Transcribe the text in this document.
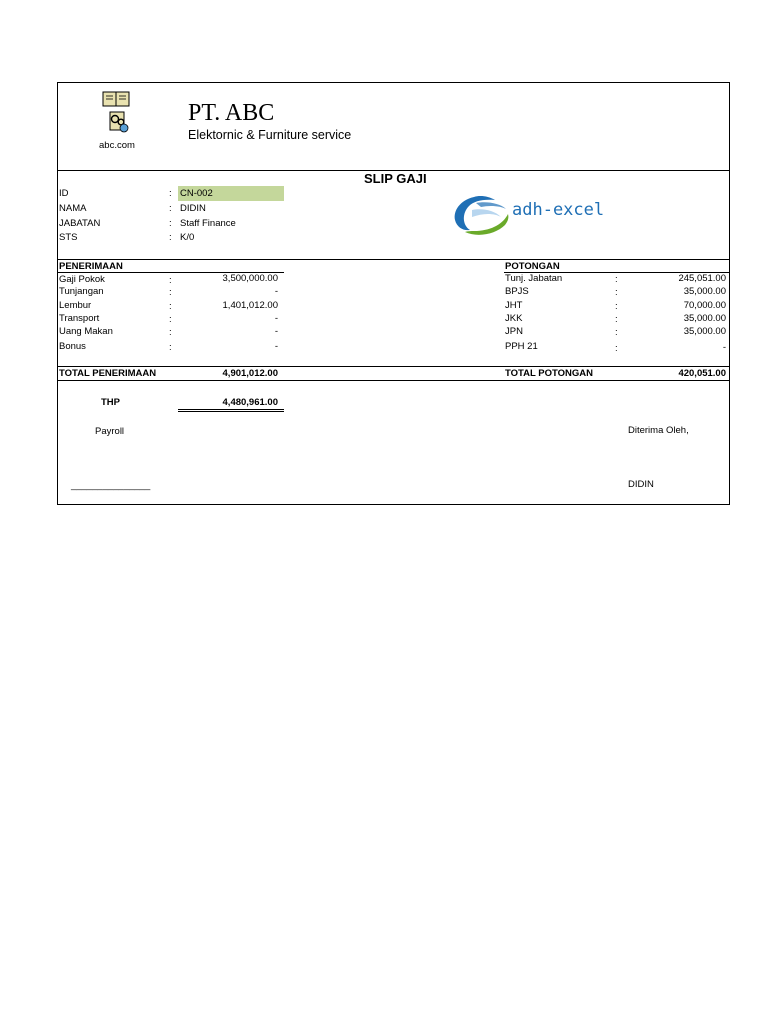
abc.com
PT. ABC
Elektornic & Furniture service
SLIP GAJI
ID	: CN-002
NAMA	: DIDIN
JABATAN	: Staff Finance
STS	: K/0
adh-excel
PENERIMAAN
Gaji Pokok	:	3,500,000.00
Tunjangan	:	-
Lembur	:	1,401,012.00
Transport	:	-
Uang Makan	:	-
Bonus	:	-
POTONGAN
Tunj. Jabatan	:	245,051.00
BPJS	:	35,000.00
JHT	:	70,000.00
JKK	:	35,000.00
JPN	:	35,000.00
PPH 21	:	-
TOTAL PENERIMAAN	4,901,012.00	TOTAL POTONGAN	420,051.00
THP	4,480,961.00
Payroll
_______________
Diterima Oleh,
DIDIN
